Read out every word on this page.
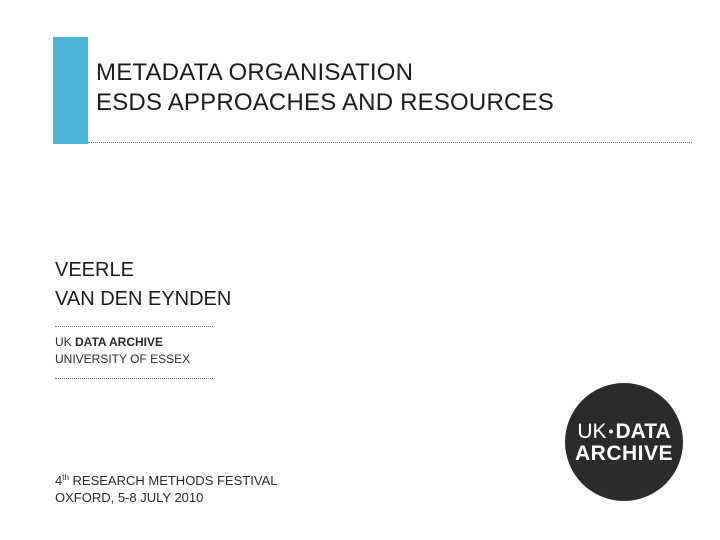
METADATA ORGANISATION
ESDS APPROACHES AND RESOURCES
VEERLE
VAN DEN EYNDEN
UK DATA ARCHIVE
UNIVERSITY OF ESSEX
4th RESEARCH METHODS FESTIVAL
OXFORD, 5-8 JULY 2010
UK •DATA
ARCHIVE
